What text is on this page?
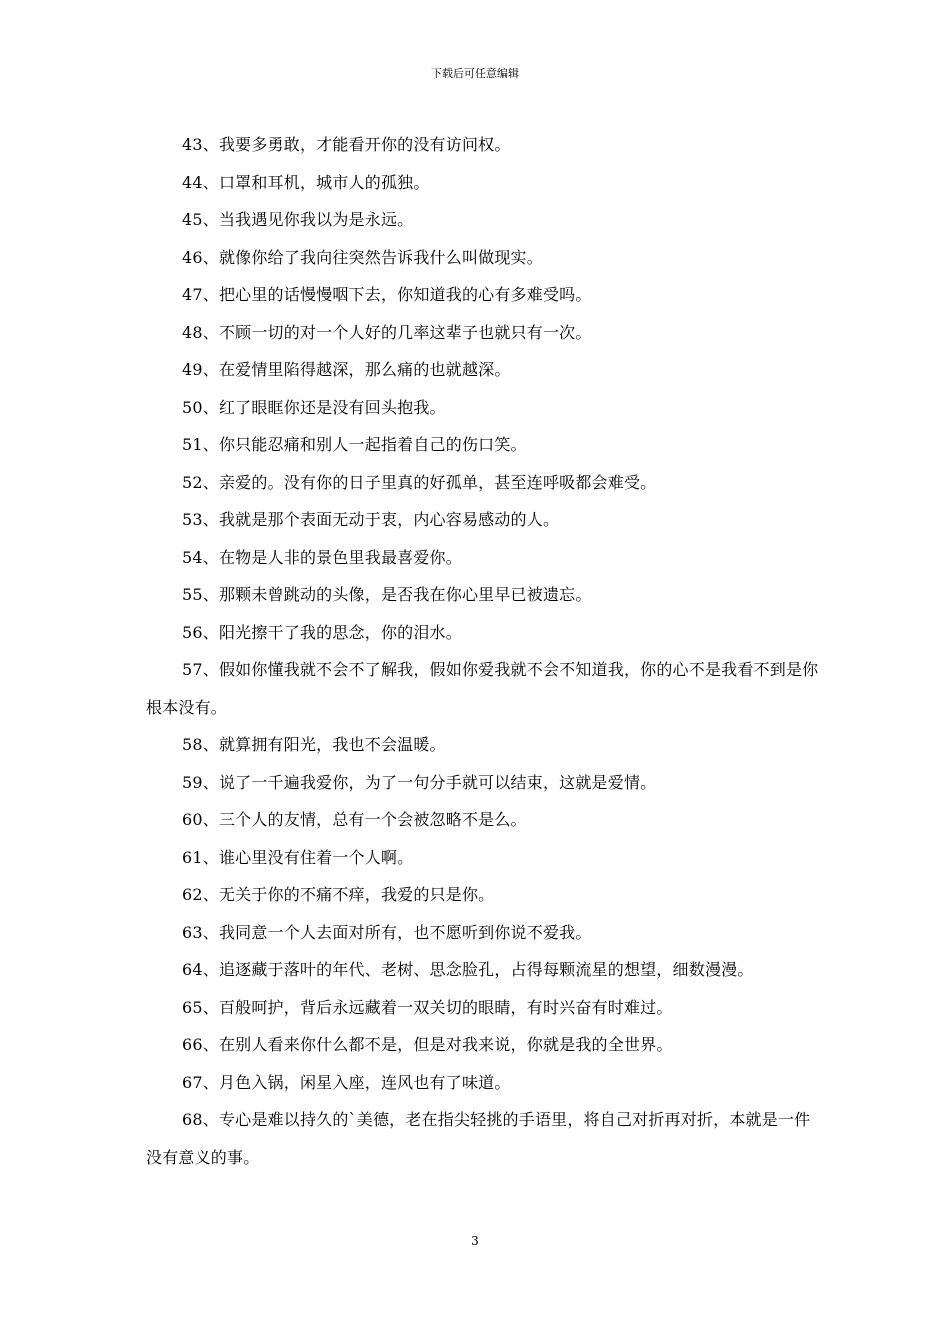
下载后可任意编辑

43、我要多勇敢，才能看开你的没有访问权。

44、口罩和耳机，城市人的孤独。

45、当我遇见你我以为是永远。

46、就像你给了我向往突然告诉我什么叫做现实。

47、把心里的话慢慢咽下去，你知道我的心有多难受吗。

48、不顾一切的对一个人好的几率这辈子也就只有一次。

49、在爱情里陷得越深，那么痛的也就越深。

50、红了眼眶你还是没有回头抱我。

51、你只能忍痛和别人一起指着自己的伤口笑。

52、亲爱的。没有你的日子里真的好孤单，甚至连呼吸都会难受。

53、我就是那个表面无动于衷，内心容易感动的人。

54、在物是人非的景色里我最喜爱你。

55、那颗未曾跳动的头像，是否我在你心里早已被遗忘。

56、阳光擦干了我的思念，你的泪水。

57、假如你懂我就不会不了解我，假如你爱我就不会不知道我，你的心不是我看不到是你根本没有。

58、就算拥有阳光，我也不会温暖。

59、说了一千遍我爱你，为了一句分手就可以结束，这就是爱情。

60、三个人的友情，总有一个会被忽略不是么。

61、谁心里没有住着一个人啊。

62、无关于你的不痛不痒，我爱的只是你。

63、我同意一个人去面对所有，也不愿听到你说不爱我。

64、追逐藏于落叶的年代、老树、思念脸孔，占得每颗流星的想望，细数漫漫。

65、百般呵护，背后永远藏着一双关切的眼睛，有时兴奋有时难过。

66、在别人看来你什么都不是，但是对我来说，你就是我的全世界。

67、月色入锅，闲星入座，连风也有了味道。

68、专心是难以持久的`美德，老在指尖轻挑的手语里，将自己对折再对折，本就是一件没有意义的事。

3
